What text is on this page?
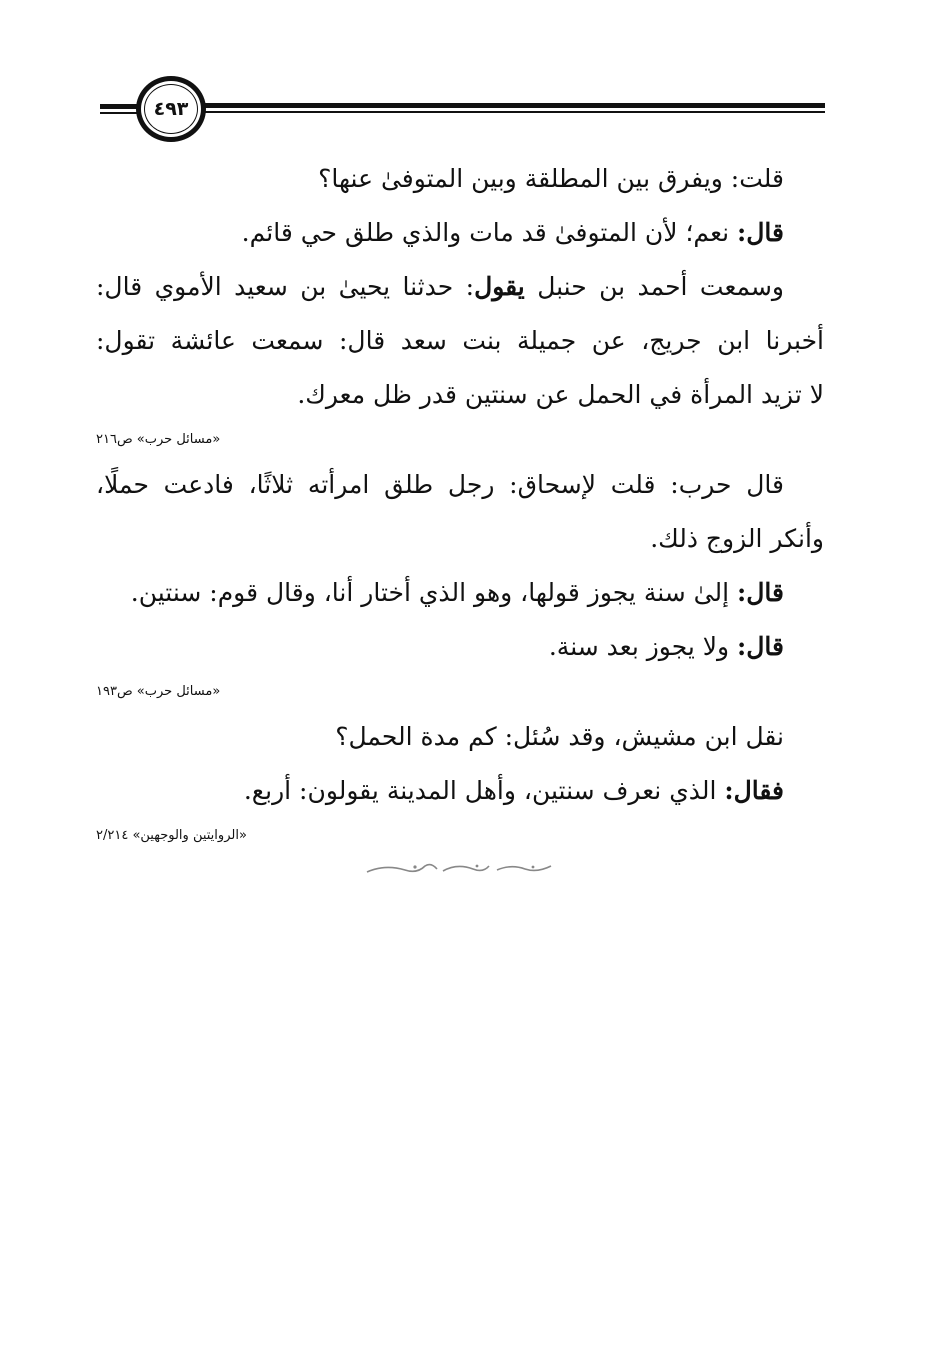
٤٩٣
قلت: ويفرق بين المطلقة وبين المتوفىٰ عنها؟
قال: نعم؛ لأن المتوفىٰ قد مات والذي طلق حي قائم.
وسمعت أحمد بن حنبل يقول: حدثنا يحيىٰ بن سعيد الأموي قال:
أخبرنا ابن جريج، عن جميلة بنت سعد قال: سمعت عائشة تقول:
لا تزيد المرأة في الحمل عن سنتين قدر ظل معرك.
«مسائل حرب» ص٢١٦
قال حرب: قلت لإسحاق: رجل طلق امرأته ثلاثًا، فادعت حملًا،
وأنكر الزوج ذلك.
قال: إلىٰ سنة يجوز قولها، وهو الذي أختار أنا، وقال قوم: سنتين.
قال: ولا يجوز بعد سنة.
«مسائل حرب» ص١٩٣
نقل ابن مشيش، وقد سُئل: كم مدة الحمل؟
فقال: الذي نعرف سنتين، وأهل المدينة يقولون: أربع.
«الروايتين والوجهين» ٢/٢١٤
